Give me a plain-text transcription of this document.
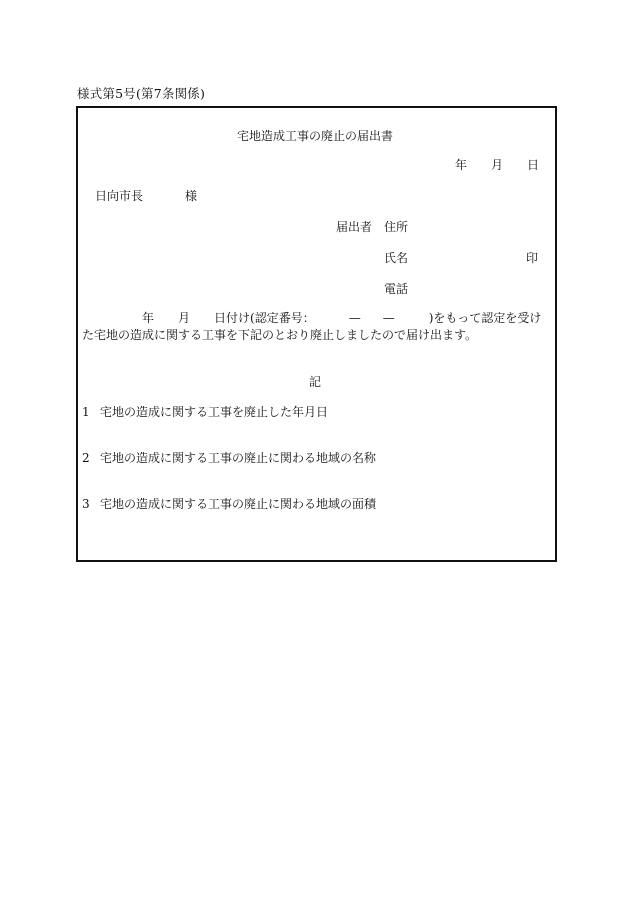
様式第5号(第7条関係)
宅地造成工事の廃止の届出書
年 月 日
日向市長	様
届出者 住所
氏名	印
電話
年 月 日付け(認定番号：	— —	)をもって認定を受け
た宅地の造成に関する工事を下記のとおり廃止しましたので届け出ます。
記
1 宅地の造成に関する工事を廃止した年月日
2 宅地の造成に関する工事の廃止に関わる地域の名称
3 宅地の造成に関する工事の廃止に関わる地域の面積
